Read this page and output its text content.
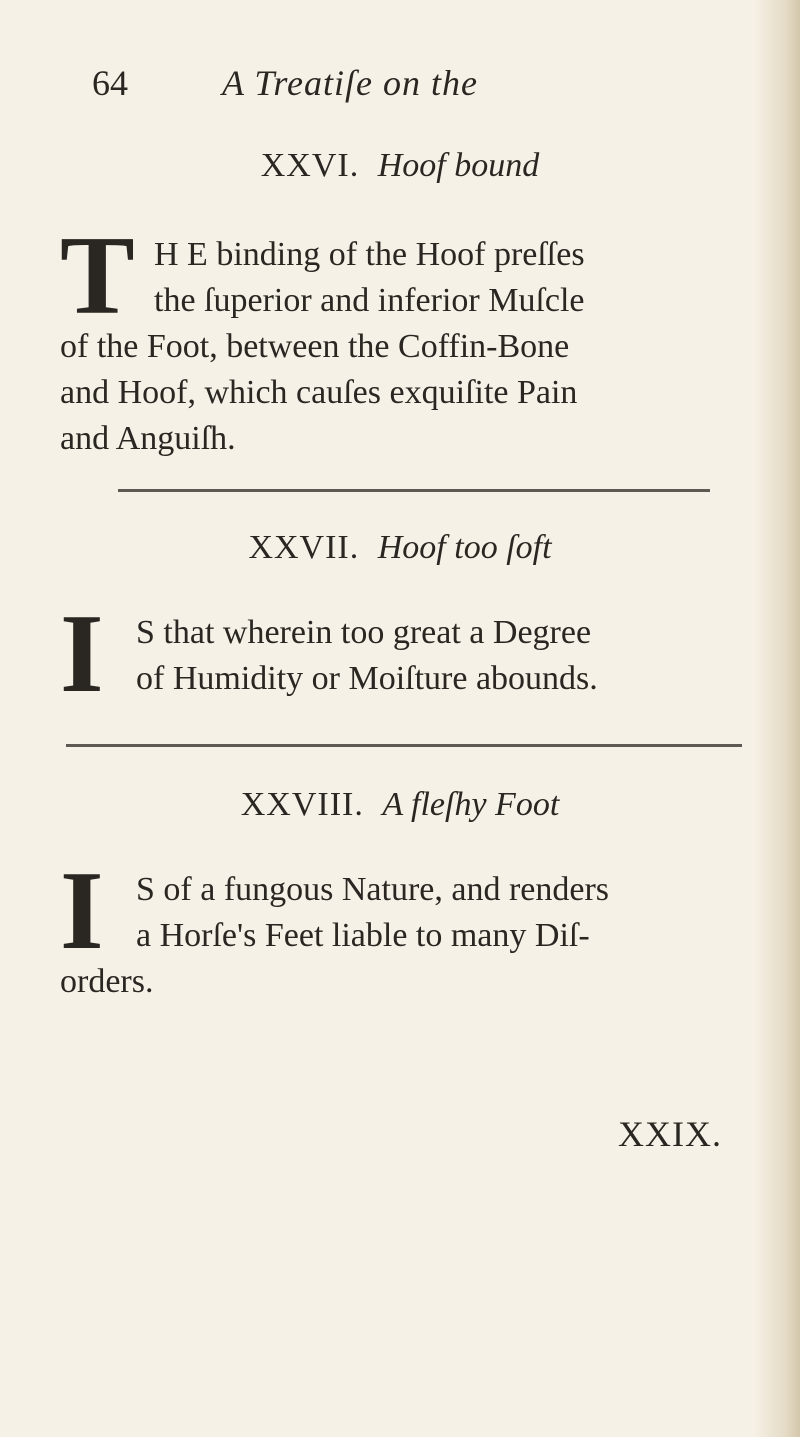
64	A Treatiſe on the
XXVI. Hoof bound
T H E binding of the Hoof preſſes
the ſuperior and inferior Muſcle
of the Foot, between the Coffin-Bone
and Hoof, which cauſes exquiſite Pain
and Anguiſh.
XXVII. Hoof too ſoft
I S that wherein too great a Degree
of Humidity or Moiſture abounds.
XXVIII. A fleſhy Foot
I S of a fungous Nature, and renders
a Horſe's Feet liable to many Diſ-
orders.
XXIX.
